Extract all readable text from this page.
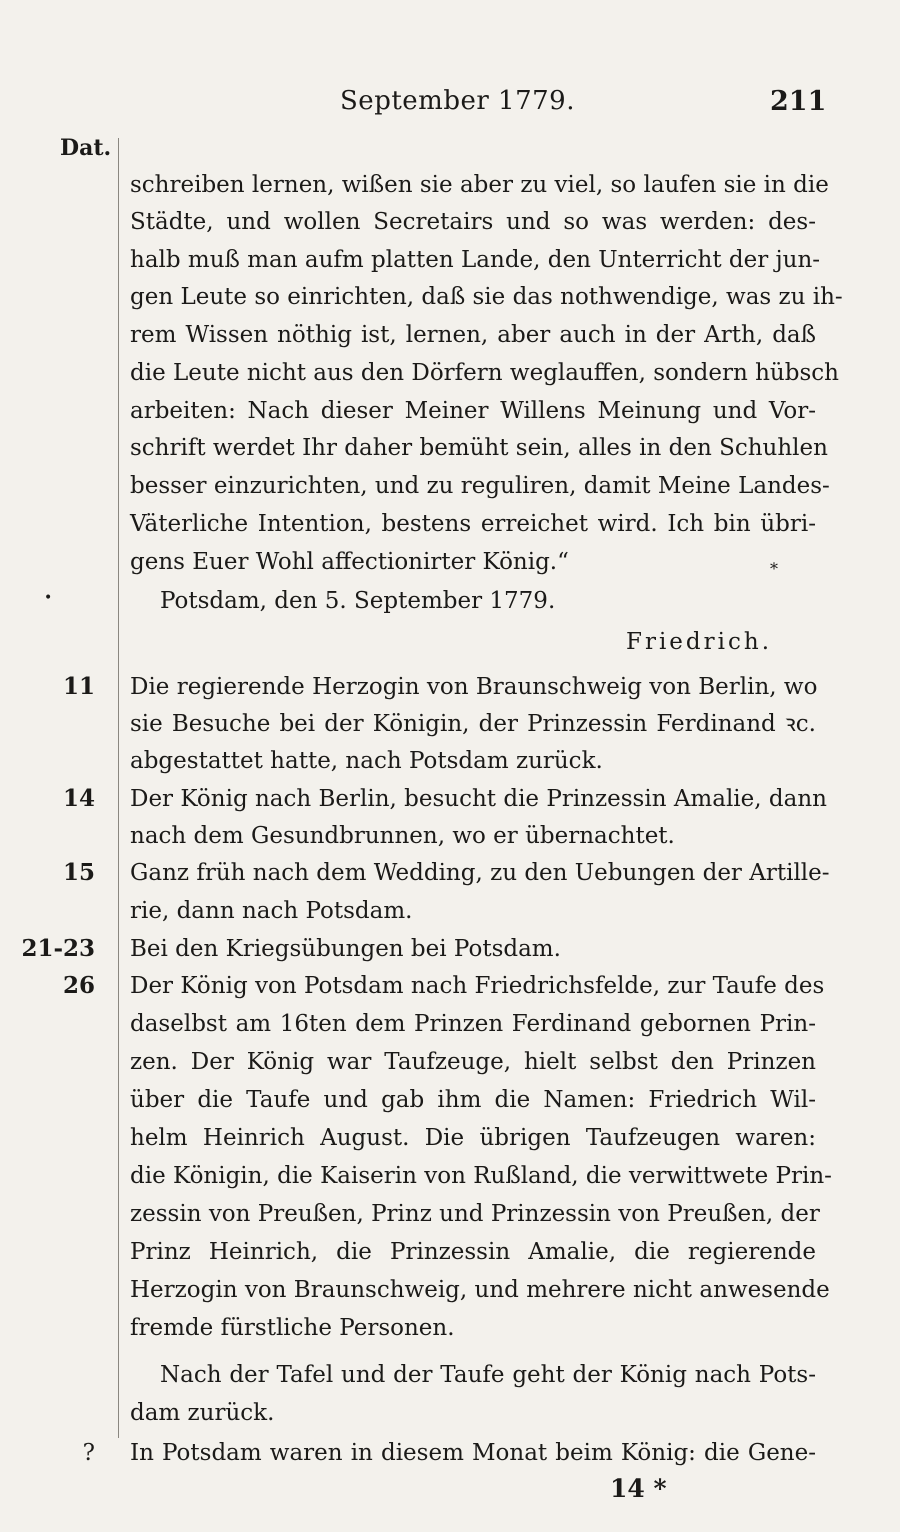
September 1779.	211
Dat.
11
14
15
21-23
26
?
schreiben lernen, wißen sie aber zu viel, so laufen sie in die
Städte, und wollen Secretairs und so was werden: des-
halb muß man aufm platten Lande, den Unterricht der jun-
gen Leute so einrichten, daß sie das nothwendige, was zu ih-
rem Wissen nöthig ist, lernen, aber auch in der Arth, daß
die Leute nicht aus den Dörfern weglauffen, sondern hübsch
arbeiten: Nach dieser Meiner Willens Meinung und Vor-
schrift werdet Ihr daher bemüht sein, alles in den Schuhlen
besser einzurichten, und zu reguliren, damit Meine Landes-
Väterliche Intention, bestens erreichet wird. Ich bin übri-
gens Euer Wohl affectionirter König.“
Potsdam, den 5. September 1779.
Friedrich.
Die regierende Herzogin von Braunschweig von Berlin, wo
sie Besuche bei der Königin, der Prinzessin Ferdinand ꝛc.
abgestattet hatte, nach Potsdam zurück.
Der König nach Berlin, besucht die Prinzessin Amalie, dann
nach dem Gesundbrunnen, wo er übernachtet.
Ganz früh nach dem Wedding, zu den Uebungen der Artille-
rie, dann nach Potsdam.
Bei den Kriegsübungen bei Potsdam.
Der König von Potsdam nach Friedrichsfelde, zur Taufe des
daselbst am 16ten dem Prinzen Ferdinand gebornen Prin-
zen. Der König war Taufzeuge, hielt selbst den Prinzen
über die Taufe und gab ihm die Namen: Friedrich Wil-
helm Heinrich August. Die übrigen Taufzeugen waren:
die Königin, die Kaiserin von Rußland, die verwittwete Prin-
zessin von Preußen, Prinz und Prinzessin von Preußen, der
Prinz Heinrich, die Prinzessin Amalie, die regierende
Herzogin von Braunschweig, und mehrere nicht anwesende
fremde fürstliche Personen.
Nach der Tafel und der Taufe geht der König nach Pots-
dam zurück.
In Potsdam waren in diesem Monat beim König: die Gene-
14 *
•
⁎
